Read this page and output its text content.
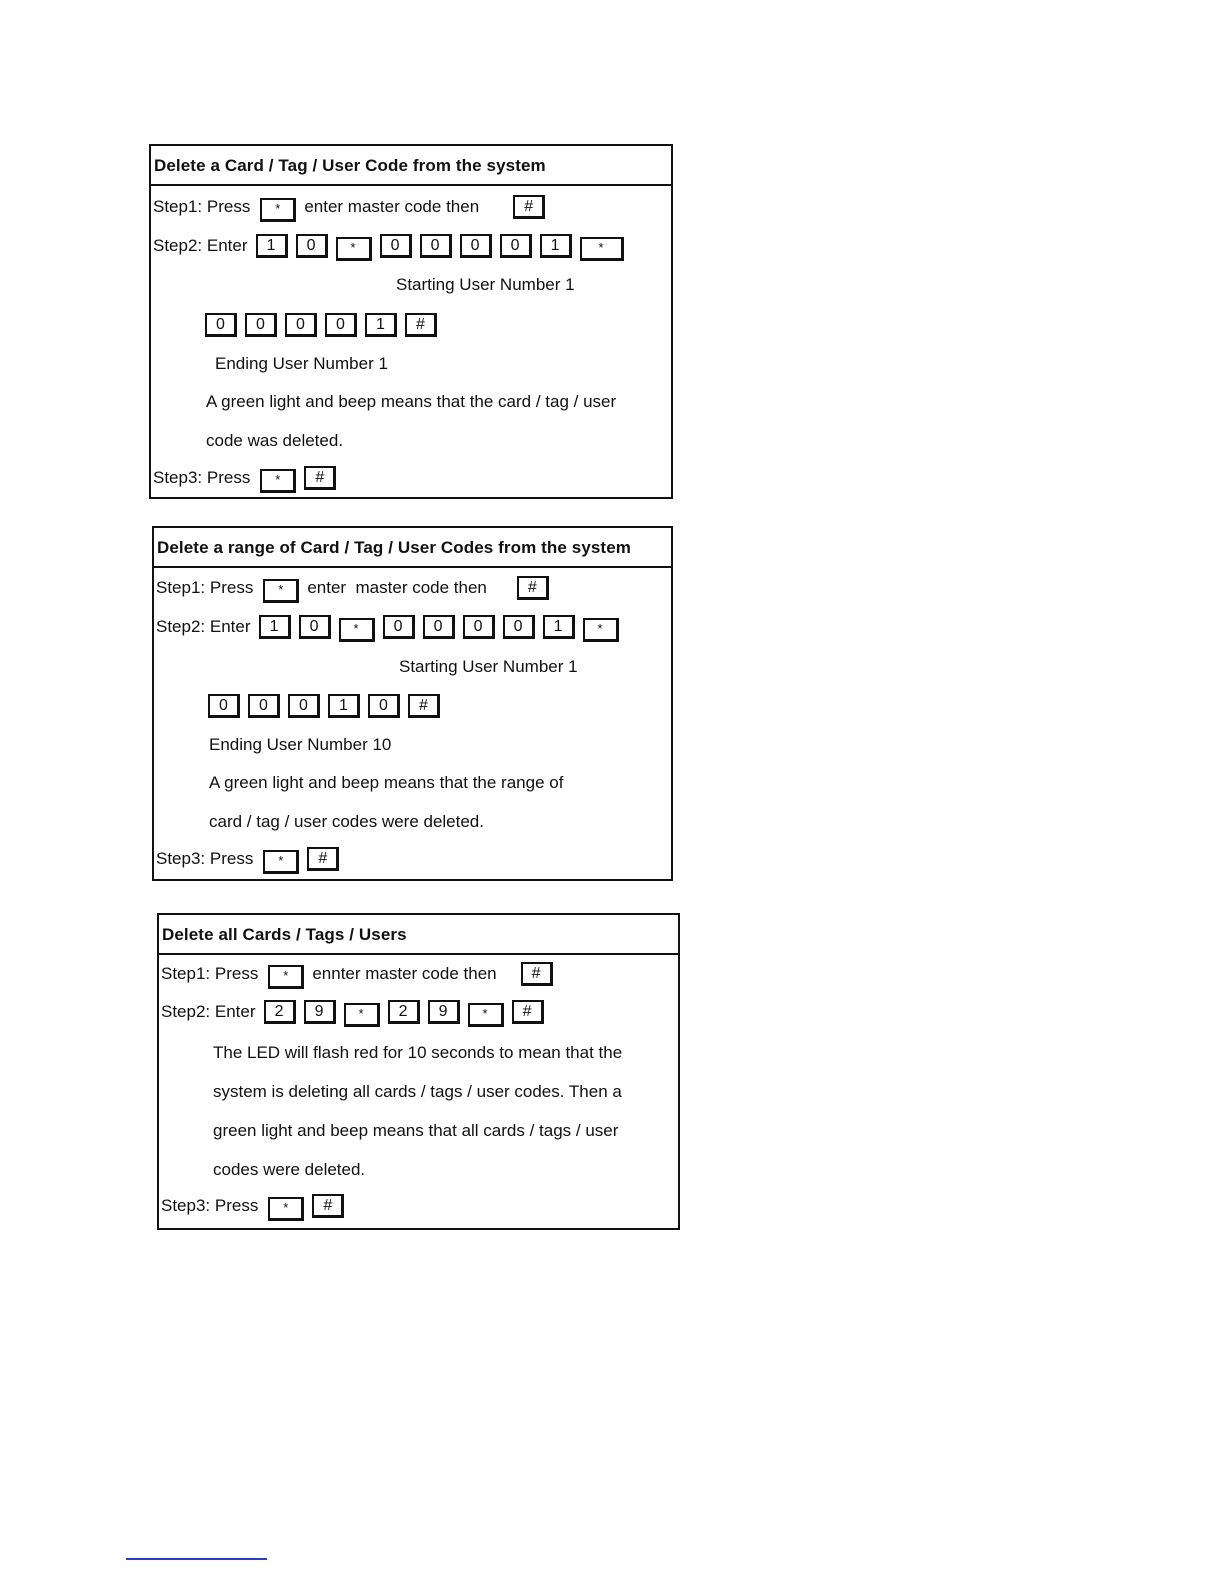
Delete a Card / Tag / User Code from the system
Step1: Press	*	enter master code then	#
Step2: Enter	1	0	*	0	0	0	0	1	*
Starting User Number 1
0	0	0	0	1	#
Ending User Number 1
A green light and beep means that the card / tag / user
code was deleted.
Step3: Press	*	#
Delete a range of Card / Tag / User Codes from the system
Step1: Press	*	enter  master code then	#
Step2: Enter	1	0	*	0	0	0	0	1	*
Starting User Number 1
0	0	0	1	0	#
Ending User Number 10
A green light and beep means that the range of
card / tag / user codes were deleted.
Step3: Press	*	#
Delete all Cards / Tags / Users
Step1: Press	*	ennter master code then	#
Step2: Enter	2	9	*	2	9	*	#
The LED will flash red for 10 seconds to mean that the
system is deleting all cards / tags / user codes. Then a
green light and beep means that all cards / tags / user
codes were deleted.
Step3: Press	*	#
